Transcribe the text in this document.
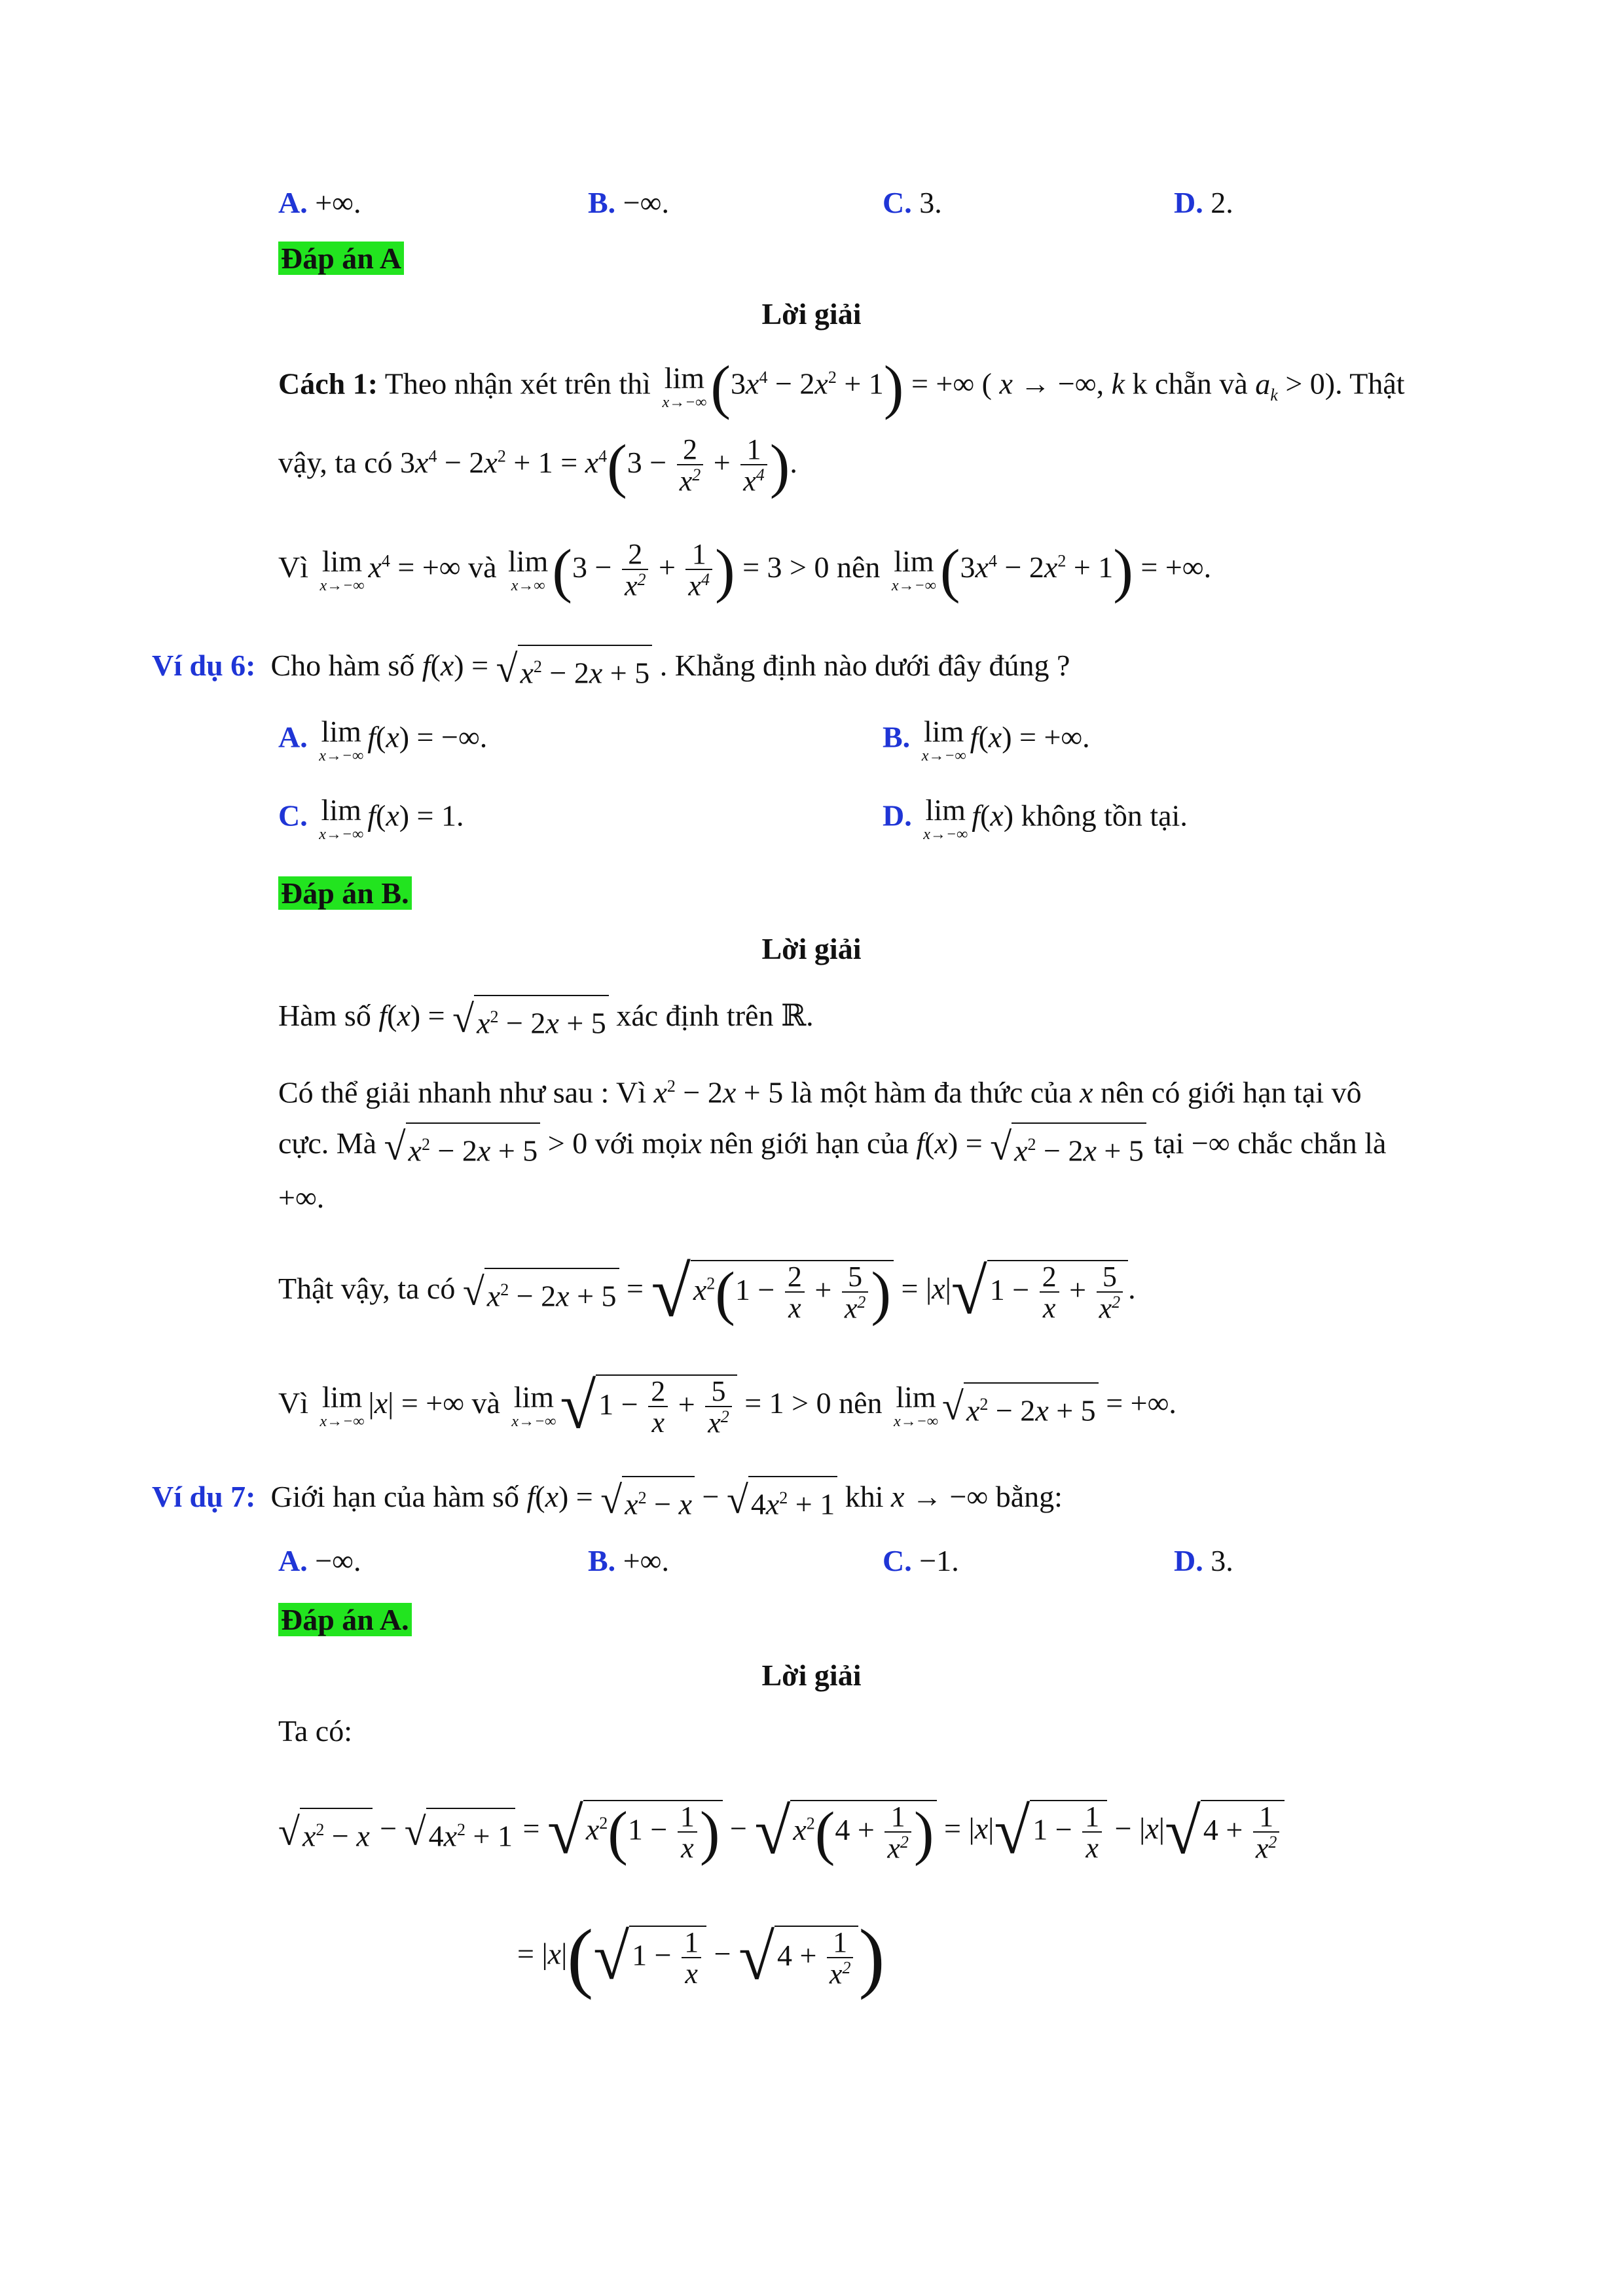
A. +∞.	B. −∞.	C. 3.	D. 2.
Đáp án A
Lời giải
Cách 1: Theo nhận xét trên thì lim
x→−∞ $(3x^4 - 2x^2 + 1)$ = +∞ ( x → −∞, k k chẵn và $a_k > 0$). Thật
vậy, ta có $3x^4 - 2x^2 + 1 = x^4(3 - \frac{2}{x^2} + \frac{1}{x^4}$ ).
Vì lim
x→−∞
$x^4$ = +∞ và lim
x→∞ ($3 - \frac{2}{x^2} + \frac{1}{x^4}$ ) = 3 > 0 nên lim
x→−∞ $(3x^4 - 2x^2 + 1)$ = +∞.
Ví dụ 6: Cho hàm số $f(x) = √x^2 - 2x + 5$ . Khẳng định nào dưới đây đúng ?
A. lim
x→−∞
f(x) = −∞.	B. lim
x→−∞
f(x) = +∞.
C. lim
x→−∞
f(x) = 1.	D. lim
x→−∞
f(x) không tồn tại.
Đáp án B.
Lời giải
Hàm số $f(x) = √x^2 - 2x + 5$ xác định trên ℝ.
Có thể giải nhanh như sau : Vì $x^2 - 2x + 5$ là một hàm đa thức của x nên có giới hạn tại vô
cực. Mà $√x^2 - 2x + 5 > 0$ với mọix nên giới hạn của $f(x) = √x^2 - 2x + 5$ tại −∞ chắc chắn là
+∞.
Thật vậy, ta có $√x^2 - 2x + 5 = √x^2(1 - \frac{2}{x} + \frac{5}{x^2}$ ) = $|x|√1 - \frac{2}{x} + \frac{5}{x^2}$ .
Vì lim
x→−∞
|x| = +∞ và lim
x→−∞ $√1 - \frac{2}{x} + \frac{5}{x^2} = 1 > 0$ nên lim
x→−∞ $√x^2 - 2x + 5$ = +∞.
Ví dụ 7: Giới hạn của hàm số $f(x) = √x^2 - x - √4x^2 + 1$ khi x → −∞ bằng:
A. −∞.	B. +∞.	C. −1.	D. 3.
Đáp án A.
Lời giải
Ta có:
$√x^2 - x - √4x^2 + 1 = √x^2(1 - \frac{1}{x}$ ) − $√x^2(4 + \frac{1}{x^2}$ ) = $|x|√1 - \frac{1}{x} - |x|√4 + \frac{1}{x^2}$
= $|x|(√1 - \frac{1}{x} - √4 + \frac{1}{x^2}$ )
